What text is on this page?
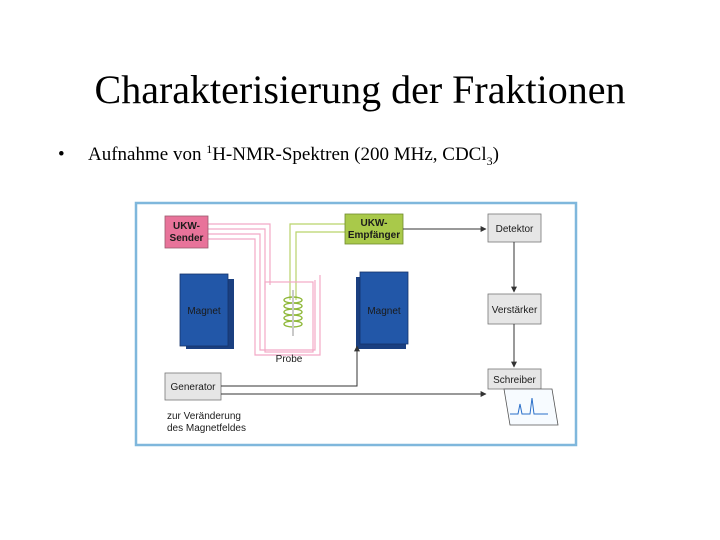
Charakterisierung der Fraktionen
• Aufnahme von $^1$H-NMR-Spektren (200 MHz, CDCl$_3$)
Probe
UKW-
Sender
UKW-
Empfänger
Detektor
Verstärker
Schreiber
Magnet	Magnet
Generator
zur Veränderung
des Magnetfeldes
